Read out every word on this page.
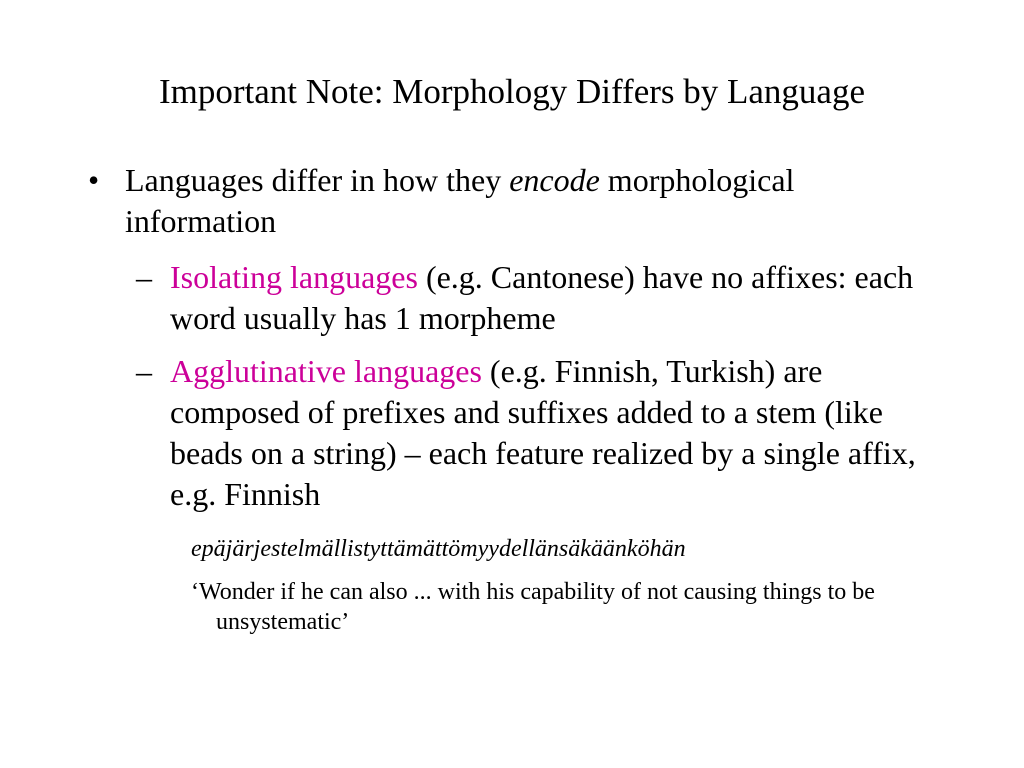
Important Note: Morphology Differs by Language
• Languages differ in how they encode morphological information
– Isolating languages (e.g. Cantonese) have no affixes: each word usually has 1 morpheme
– Agglutinative languages (e.g. Finnish, Turkish) are composed of prefixes and suffixes added to a stem (like beads on a string) – each feature realized by a single affix, e.g. Finnish
epäjärjestelmällistyttämättömyydellänsäkäänköhän
‘Wonder if he can also ... with his capability of not causing things to be unsystematic’
